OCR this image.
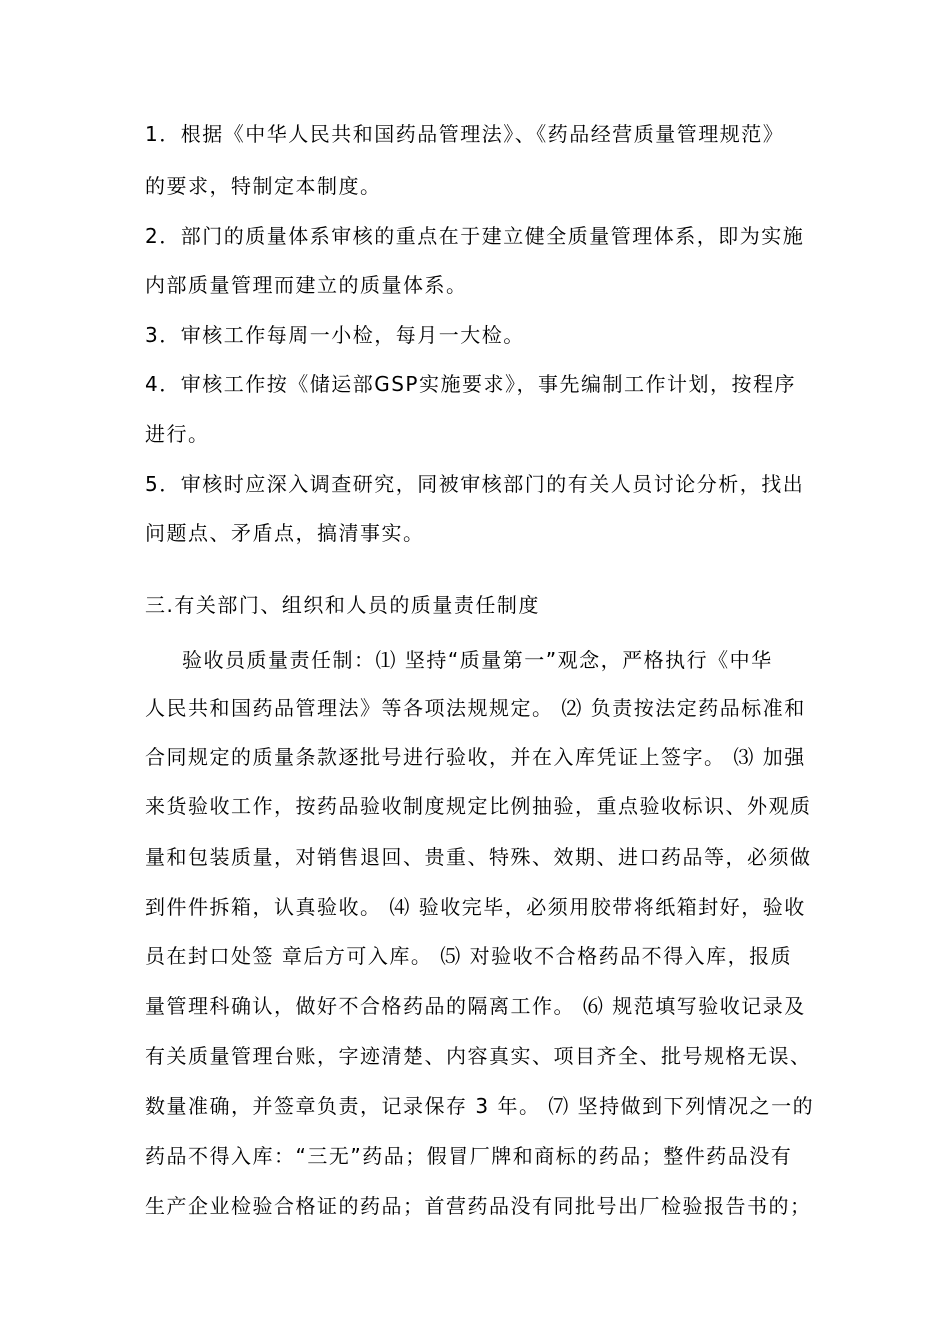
1．根据《中华人民共和国药品管理法》、《药品经营质量管理规范》
的要求，特制定本制度。
2．部门的质量体系审核的重点在于建立健全质量管理体系，即为实施
内部质量管理而建立的质量体系。
3．审核工作每周一小检，每月一大检。
4．审核工作按《储运部GSP实施要求》，事先编制工作计划，按程序
进行。
5．审核时应深入调查研究，同被审核部门的有关人员讨论分析，找出
问题点、矛盾点，搞清事实。
三.有关部门、组织和人员的质量责任制度
验收员质量责任制：⑴ 坚持“质量第一”观念，严格执行《中华
人民共和国药品管理法》等各项法规规定。 ⑵ 负责按法定药品标准和
合同规定的质量条款逐批号进行验收，并在入库凭证上签字。 ⑶ 加强
来货验收工作，按药品验收制度规定比例抽验，重点验收标识、外观质
量和包装质量，对销售退回、贵重、特殊、效期、进口药品等，必须做
到件件拆箱，认真验收。 ⑷ 验收完毕，必须用胶带将纸箱封好，验收
员在封口处签 章后方可入库。 ⑸ 对验收不合格药品不得入库，报质
量管理科确认，做好不合格药品的隔离工作。 ⑹ 规范填写验收记录及
有关质量管理台账，字迹清楚、内容真实、项目齐全、批号规格无误、
数量准确，并签章负责，记录保存 3 年。 ⑺ 坚持做到下列情况之一的
药品不得入库：“三无”药品；假冒厂牌和商标的药品；整件药品没有
生产企业检验合格证的药品；首营药品没有同批号出厂检验报告书的；
